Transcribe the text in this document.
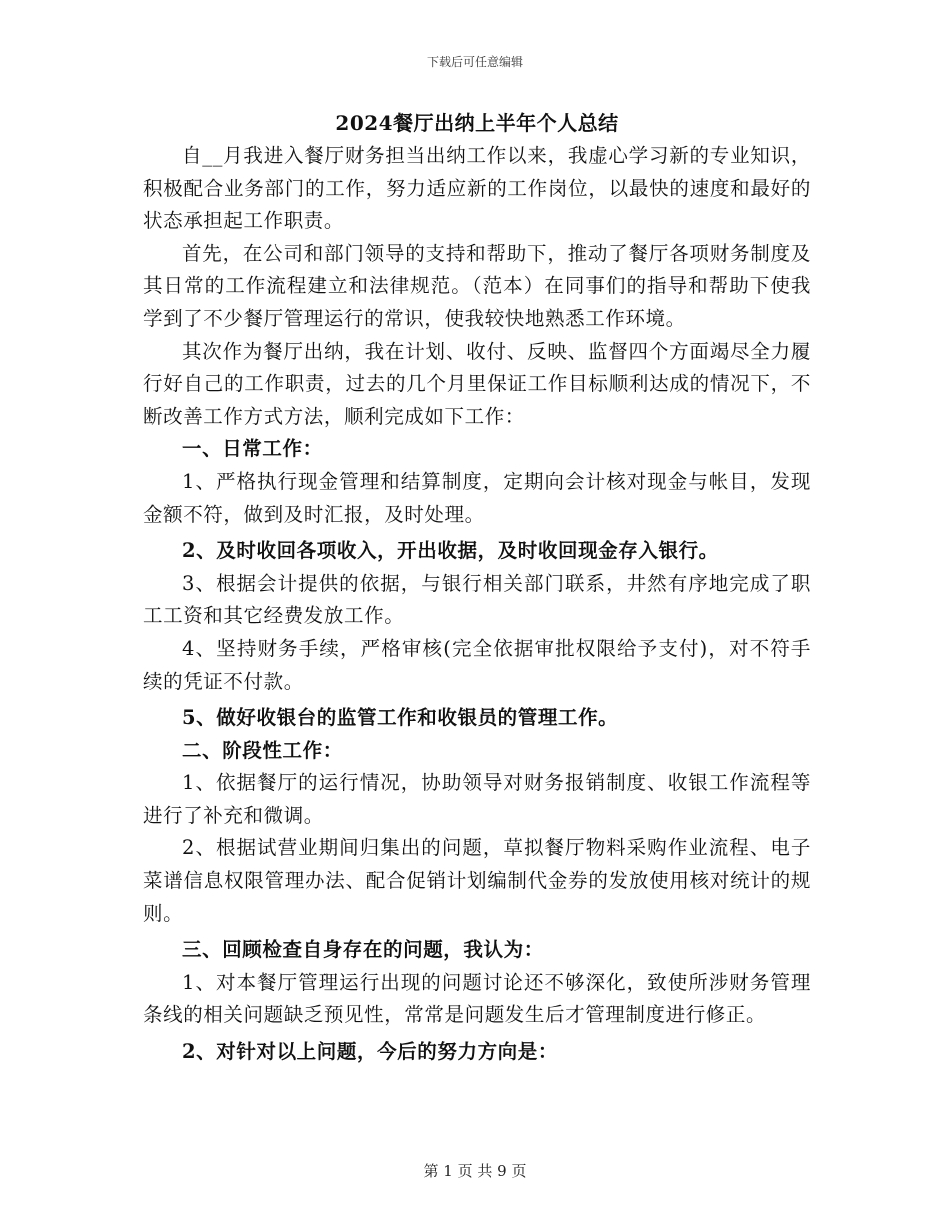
下载后可任意编辑
2024餐厅出纳上半年个人总结

自__月我进入餐厅财务担当出纳工作以来，我虚心学习新的专业知识，积极配合业务部门的工作，努力适应新的工作岗位，以最快的速度和最好的状态承担起工作职责。

首先，在公司和部门领导的支持和帮助下，推动了餐厅各项财务制度及其日常的工作流程建立和法律规范。（范本）在同事们的指导和帮助下使我学到了不少餐厅管理运行的常识，使我较快地熟悉工作环境。

其次作为餐厅出纳，我在计划、收付、反映、监督四个方面竭尽全力履行好自己的工作职责，过去的几个月里保证工作目标顺利达成的情况下，不断改善工作方式方法，顺利完成如下工作：

一、日常工作：

1、严格执行现金管理和结算制度，定期向会计核对现金与帐目，发现金额不符，做到及时汇报，及时处理。

2、及时收回各项收入，开出收据，及时收回现金存入银行。

3、根据会计提供的依据，与银行相关部门联系，井然有序地完成了职工工资和其它经费发放工作。

4、坚持财务手续，严格审核(完全依据审批权限给予支付)，对不符手续的凭证不付款。

5、做好收银台的监管工作和收银员的管理工作。

二、阶段性工作：

1、依据餐厅的运行情况，协助领导对财务报销制度、收银工作流程等进行了补充和微调。

2、根据试营业期间归集出的问题，草拟餐厅物料采购作业流程、电子菜谱信息权限管理办法、配合促销计划编制代金券的发放使用核对统计的规则。

三、回顾检查自身存在的问题，我认为：

1、对本餐厅管理运行出现的问题讨论还不够深化，致使所涉财务管理条线的相关问题缺乏预见性，常常是问题发生后才管理制度进行修正。

2、对针对以上问题，今后的努力方向是：

第 1 页 共 9 页
